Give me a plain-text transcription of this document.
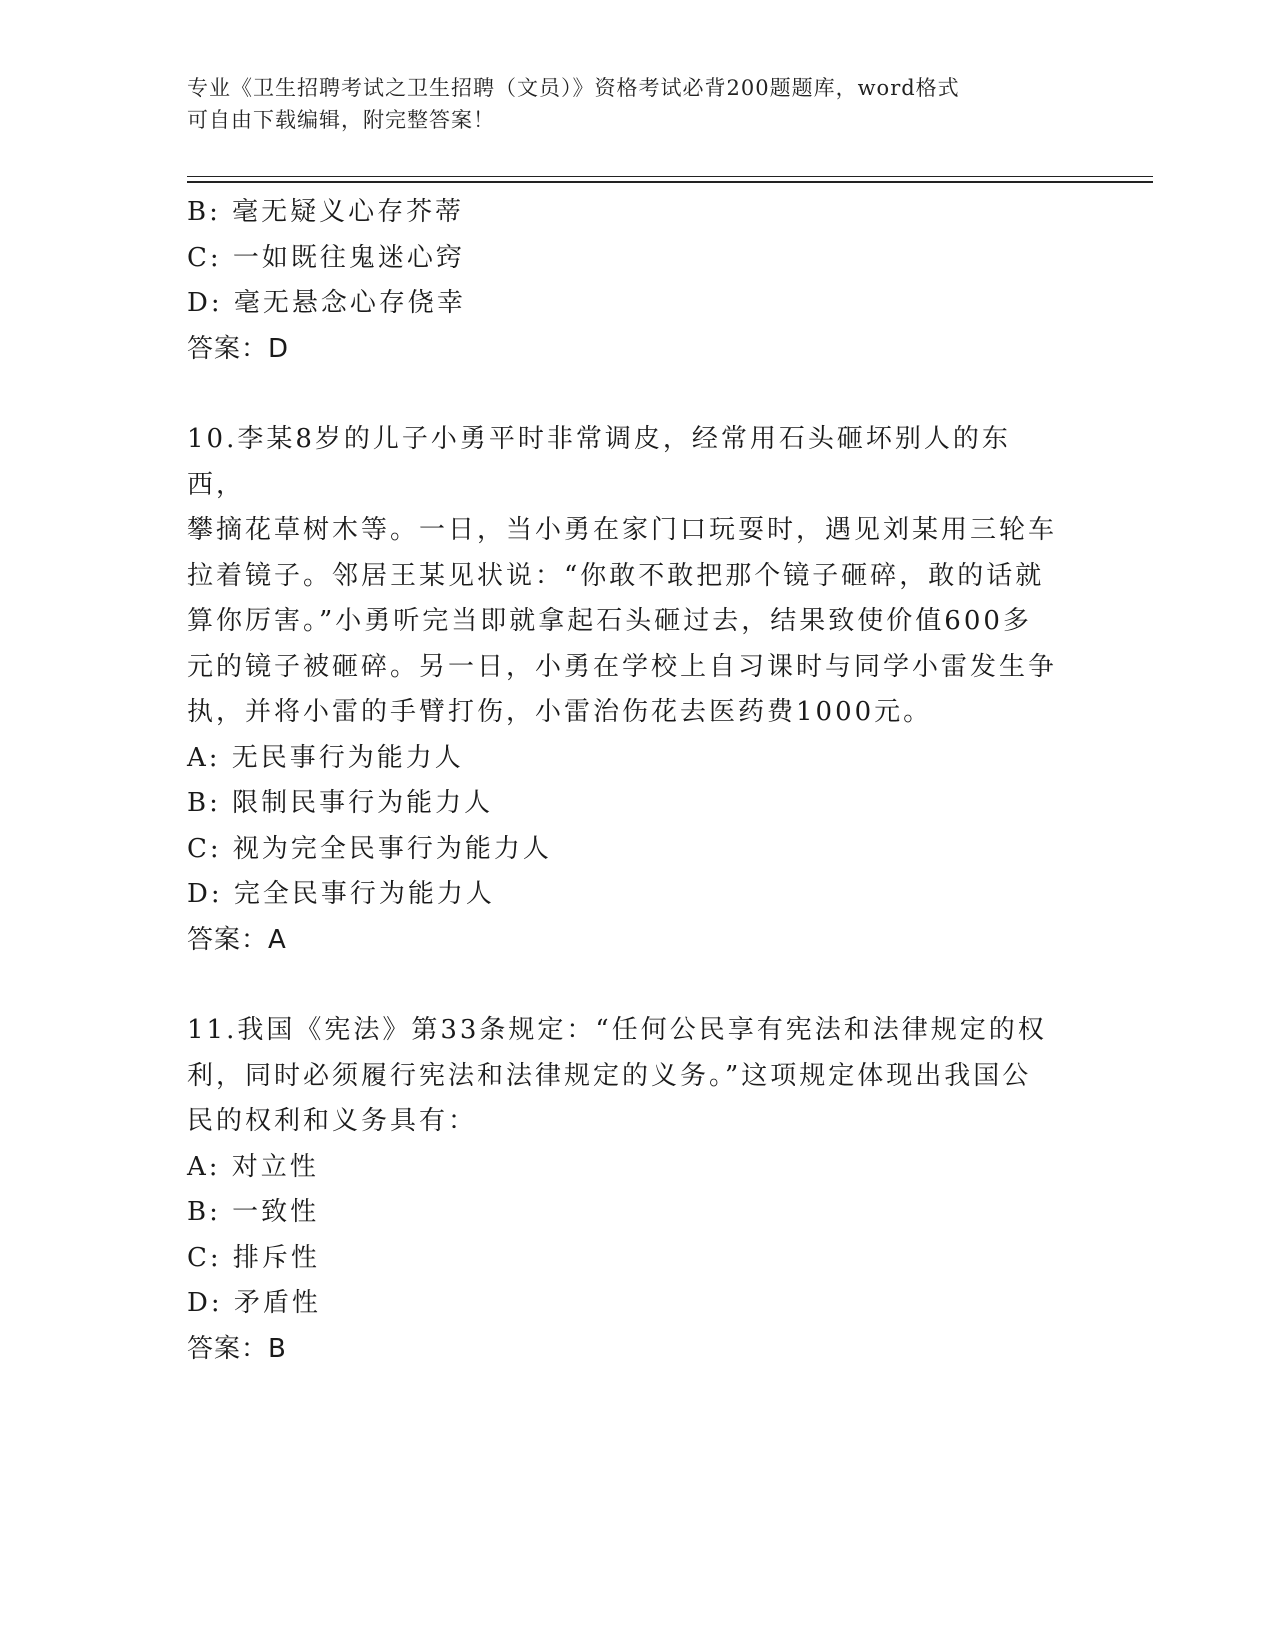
专业《卫生招聘考试之卫生招聘（文员）》资格考试必背200题题库，word格式
可自由下载编辑，附完整答案！

B: 毫无疑义心存芥蒂

C: 一如既往鬼迷心窍

D: 毫无悬念心存侥幸

答案：D

10.李某8岁的儿子小勇平时非常调皮，经常用石头砸坏别人的东西，

攀摘花草树木等。一日，当小勇在家门口玩耍时，遇见刘某用三轮车

拉着镜子。邻居王某见状说：“你敢不敢把那个镜子砸碎，敢的话就

算你厉害。”小勇听完当即就拿起石头砸过去，结果致使价值600多

元的镜子被砸碎。另一日，小勇在学校上自习课时与同学小雷发生争

执，并将小雷的手臂打伤，小雷治伤花去医药费1000元。

A: 无民事行为能力人

B: 限制民事行为能力人

C: 视为完全民事行为能力人

D: 完全民事行为能力人

答案：A

11.我国《宪法》第33条规定：“任何公民享有宪法和法律规定的权

利，同时必须履行宪法和法律规定的义务。”这项规定体现出我国公

民的权利和义务具有：

A: 对立性

B: 一致性

C: 排斥性

D: 矛盾性

答案：B
